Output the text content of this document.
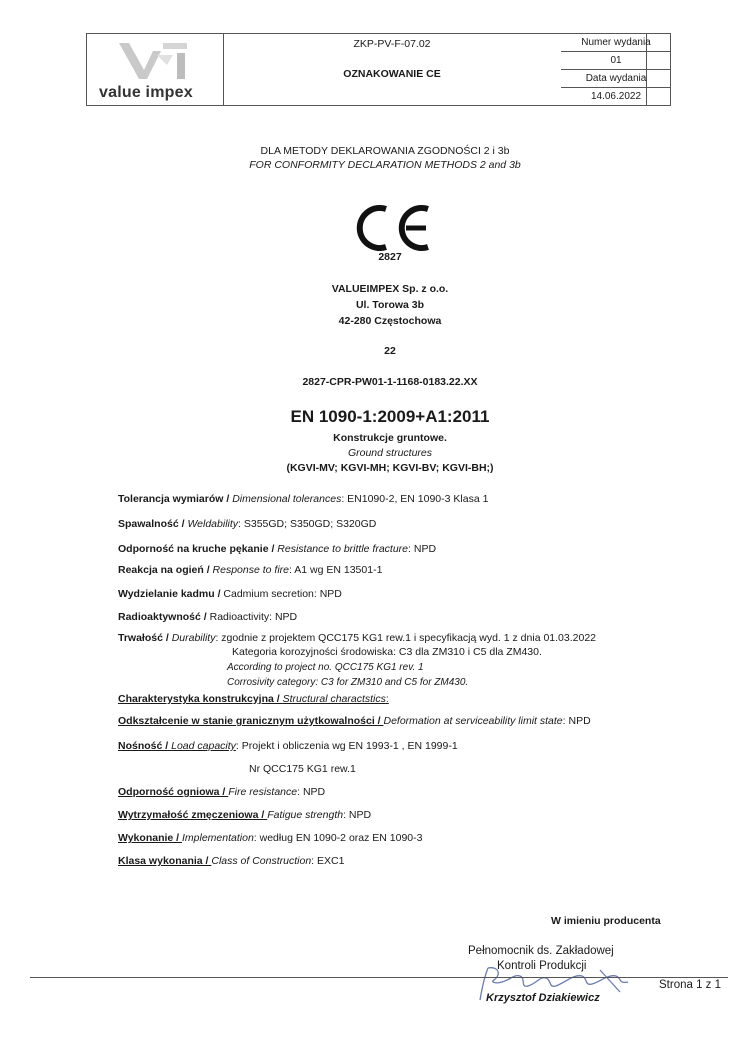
value impex
ZKP-PV-F-07.02
OZNAKOWANIE CE
Numer wydania
01
Data wydania
14.06.2022
DLA METODY DEKLAROWANIA ZGODNOŚCI 2 i 3b
FOR CONFORMITY DECLARATION METHODS 2 and 3b
2827
VALUEIMPEX Sp. z o.o.
Ul. Torowa 3b
42-280 Częstochowa
22
2827-CPR-PW01-1-1168-0183.22.XX
EN 1090-1:2009+A1:2011
Konstrukcje gruntowe.
Ground structures
(KGVI-MV; KGVI-MH; KGVI-BV; KGVI-BH;)
Tolerancja wymiarów / Dimensional tolerances: EN1090-2, EN 1090-3 Klasa 1
Spawalność / Weldability: S355GD; S350GD; S320GD
Odporność na kruche pękanie / Resistance to brittle fracture: NPD
Reakcja na ogień / Response to fire: A1 wg EN 13501-1
Wydzielanie kadmu / Cadmium secretion: NPD
Radioaktywność / Radioactivity: NPD
Trwałość / Durability: zgodnie z projektem QCC175 KG1 rew.1 i specyfikacją wyd. 1 z dnia 01.03.2022
Kategoria korozyjności środowiska: C3 dla ZM310 i C5 dla ZM430.
According to project no. QCC175 KG1 rev. 1
Corrosivity category: C3 for ZM310 and C5 for ZM430.
Charakterystyka konstrukcyjna / Structural charactstics:
Odkształcenie w stanie granicznym użytkowalności / Deformation at serviceability limit state: NPD
Nośność / Load capacity: Projekt i obliczenia wg EN 1993-1 , EN 1999-1
Nr QCC175 KG1 rew.1
Odporność ogniowa / Fire resistance: NPD
Wytrzymałość zmęczeniowa / Fatigue strength: NPD
Wykonanie / Implementation: według EN 1090-2 oraz EN 1090-3
Klasa wykonania / Class of Construction: EXC1
W imieniu producenta
Pełnomocnik ds. Zakładowej
Kontroli Produkcji
Krzysztof Dziakiewicz
Strona 1 z 1
